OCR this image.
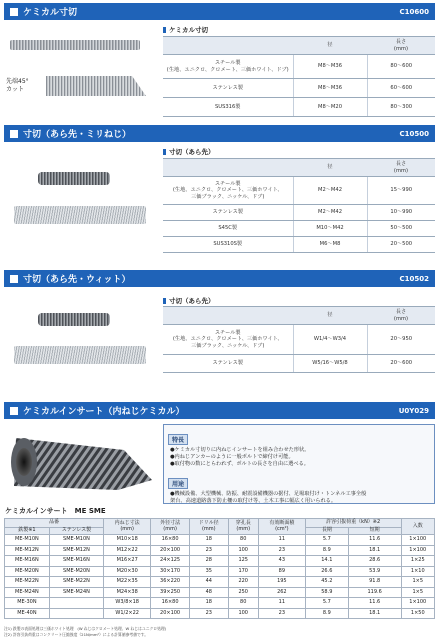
ケミカル寸切	C10600
先端45°
カット
ケミカル寸切
	径	長さ
(mm)
スチール製
(生地、ユニクロ、クロメート、三価ホワイト、ドブ)	M8～M36	80～600
ステンレス製	M8～M36	60～600
SUS316製	M8～M20	80～300
寸切（あら先・ミリねじ）	C10500
寸切（あら先）
	径	長さ
(mm)
スチール製
(生地、ユニクロ、クロメート、三価ホワイト、
三価ブラック、ニッケル、ドブ)	M2～M42	15～990
ステンレス製	M2～M42	10～990
S45C製	M10～M42	50～500
SUS310S製	M6～M8	20～500
寸切（あら先・ウィット）	C10502
寸切（あら先）
	径	長さ
(mm)
スチール製
(生地、ユニクロ、クロメート、三価ホワイト、
三価ブラック、ニッケル、ドブ)	W1/4～W3/4	20～950
ステンレス製	W5/16～W5/8	20～600
ケミカルインサート（内ねじケミカル）	U0Y029
特長
●ケミカル寸切りに内ねじインサートを組み合わせた形状。
●内ねじアンカーのように一般ボルトで締付け可能。
●取付物の数にとらわれず、ボルトの長さを自由に選べる。
用途
●機械設備、大型機械、防振、耐震設備機器の据付、足場取付け・トンネル工事全般
架台、高速道路落下防止柵の取付け等、土木工事に幅広く用いられる。
ケミカルインサート　ME SME
品番		内ねじ寸法
(mm)	外径寸法
(mm)	ドリル径
(mm)	穿孔長
(mm)	有効断面積
(cm²)	許容引抜荷重（kN）※2		入数
鉄製※1	ステンレス製						長期	短期	
ME-M10N	SME-M10N	M10×18	16×80	18	80	11	5.7	11.6	1×100
ME-M12N	SME-M12N	M12×22	20×100	23	100	23	8.9	18.1	1×100
ME-M16N	SME-M16N	M16×27	24×125	28	125	43	14.1	28.6	1×25
ME-M20N	SME-M20N	M20×30	30×170	35	170	89	26.6	53.9	1×10
ME-M22N	SME-M22N	M22×35	36×220	44	220	195	45.2	91.8	1×5
ME-M24N	SME-M24N	M24×38	39×250	48	250	262	58.9	119.6	1×5
ME-30N		W3/8×18	16×80	18	80	11	5.7	11.6	1×100
ME-40N		W1/2×22	20×100	23	100	23	8.9	18.1	1×50
注1) 鉄製の表面処理は三価ホワイト処理　(W ねじはクロメート処理、W ねじはユニクロ処理)
注2) 許容引抜荷重はコンクリート圧縮強度（21N/mm²）による計算値参考値です。
